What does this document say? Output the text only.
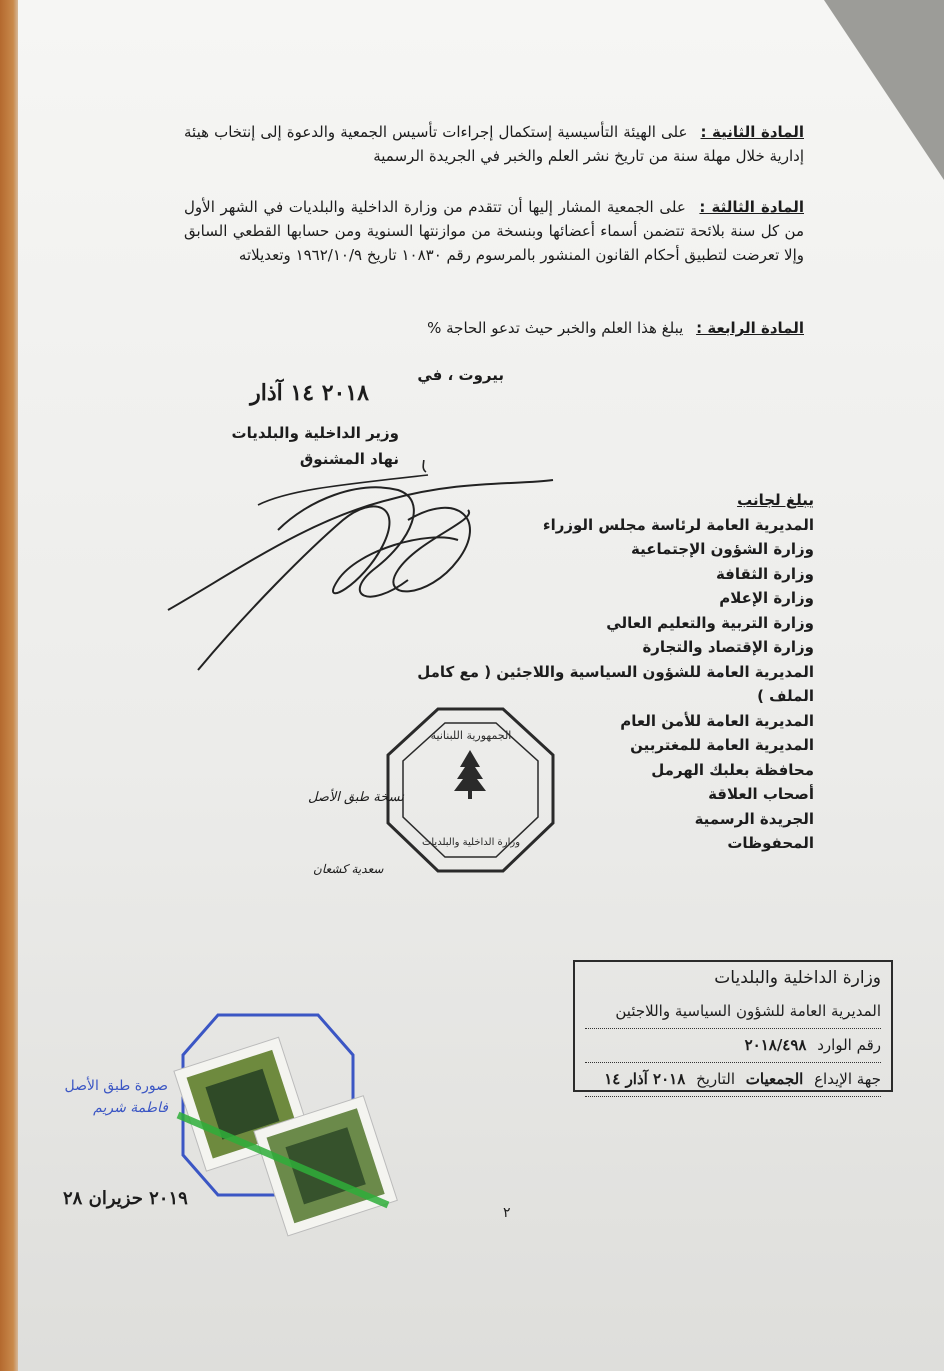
المادة الثانية : على الهيئة التأسيسية إستكمال إجراءات تأسيس الجمعية والدعوة إلى إنتخاب هيئة إدارية خلال مهلة سنة من تاريخ نشر العلم والخبر في الجريدة الرسمية
المادة الثالثة : على الجمعية المشار إليها أن تتقدم من وزارة الداخلية والبلديات في الشهر الأول من كل سنة بلائحة تتضمن أسماء أعضائها وبنسخة من موازنتها السنوية ومن حسابها القطعي السابق وإلا تعرضت لتطبيق أحكام القانون المنشور بالمرسوم رقم ١٠٨٣٠ تاريخ ١٩٦٢/١٠/٩ وتعديلاته
المادة الرابعة : يبلغ هذا العلم والخبر حيث تدعو الحاجة %
بيروت ، في
٢٠١٨ ١٤ آذار
وزير الداخلية والبلديات
نهاد المشنوق
يبلغ لجانب
المديرية العامة لرئاسة مجلس الوزراء
وزارة الشؤون الإجتماعية
وزارة الثقافة
وزارة الإعلام
وزارة التربية والتعليم العالي
وزارة الإقتصاد والتجارة
المديرية العامة للشؤون السياسية واللاجئين ( مع كامل الملف )
المديرية العامة للأمن العام
المديرية العامة للمغتربين
محافظة بعلبك الهرمل
أصحاب العلاقة
الجريدة الرسمية
المحفوظات
الجمهورية اللبنانية
وزارة الداخلية والبلديات
نسخة طبق الأصل
سعدية كشعان
وزارة الداخلية والبلديات
المديرية العامة للشؤون السياسية واللاجئين
رقم الوارد ٢٠١٨/٤٩٨
جهة الإيداع الجمعيات التاريخ ٢٠١٨ آذار ١٤
صورة طبق الأصل
فاطمة شريم
٢٠١٩ حزيران ٢٨
٢
